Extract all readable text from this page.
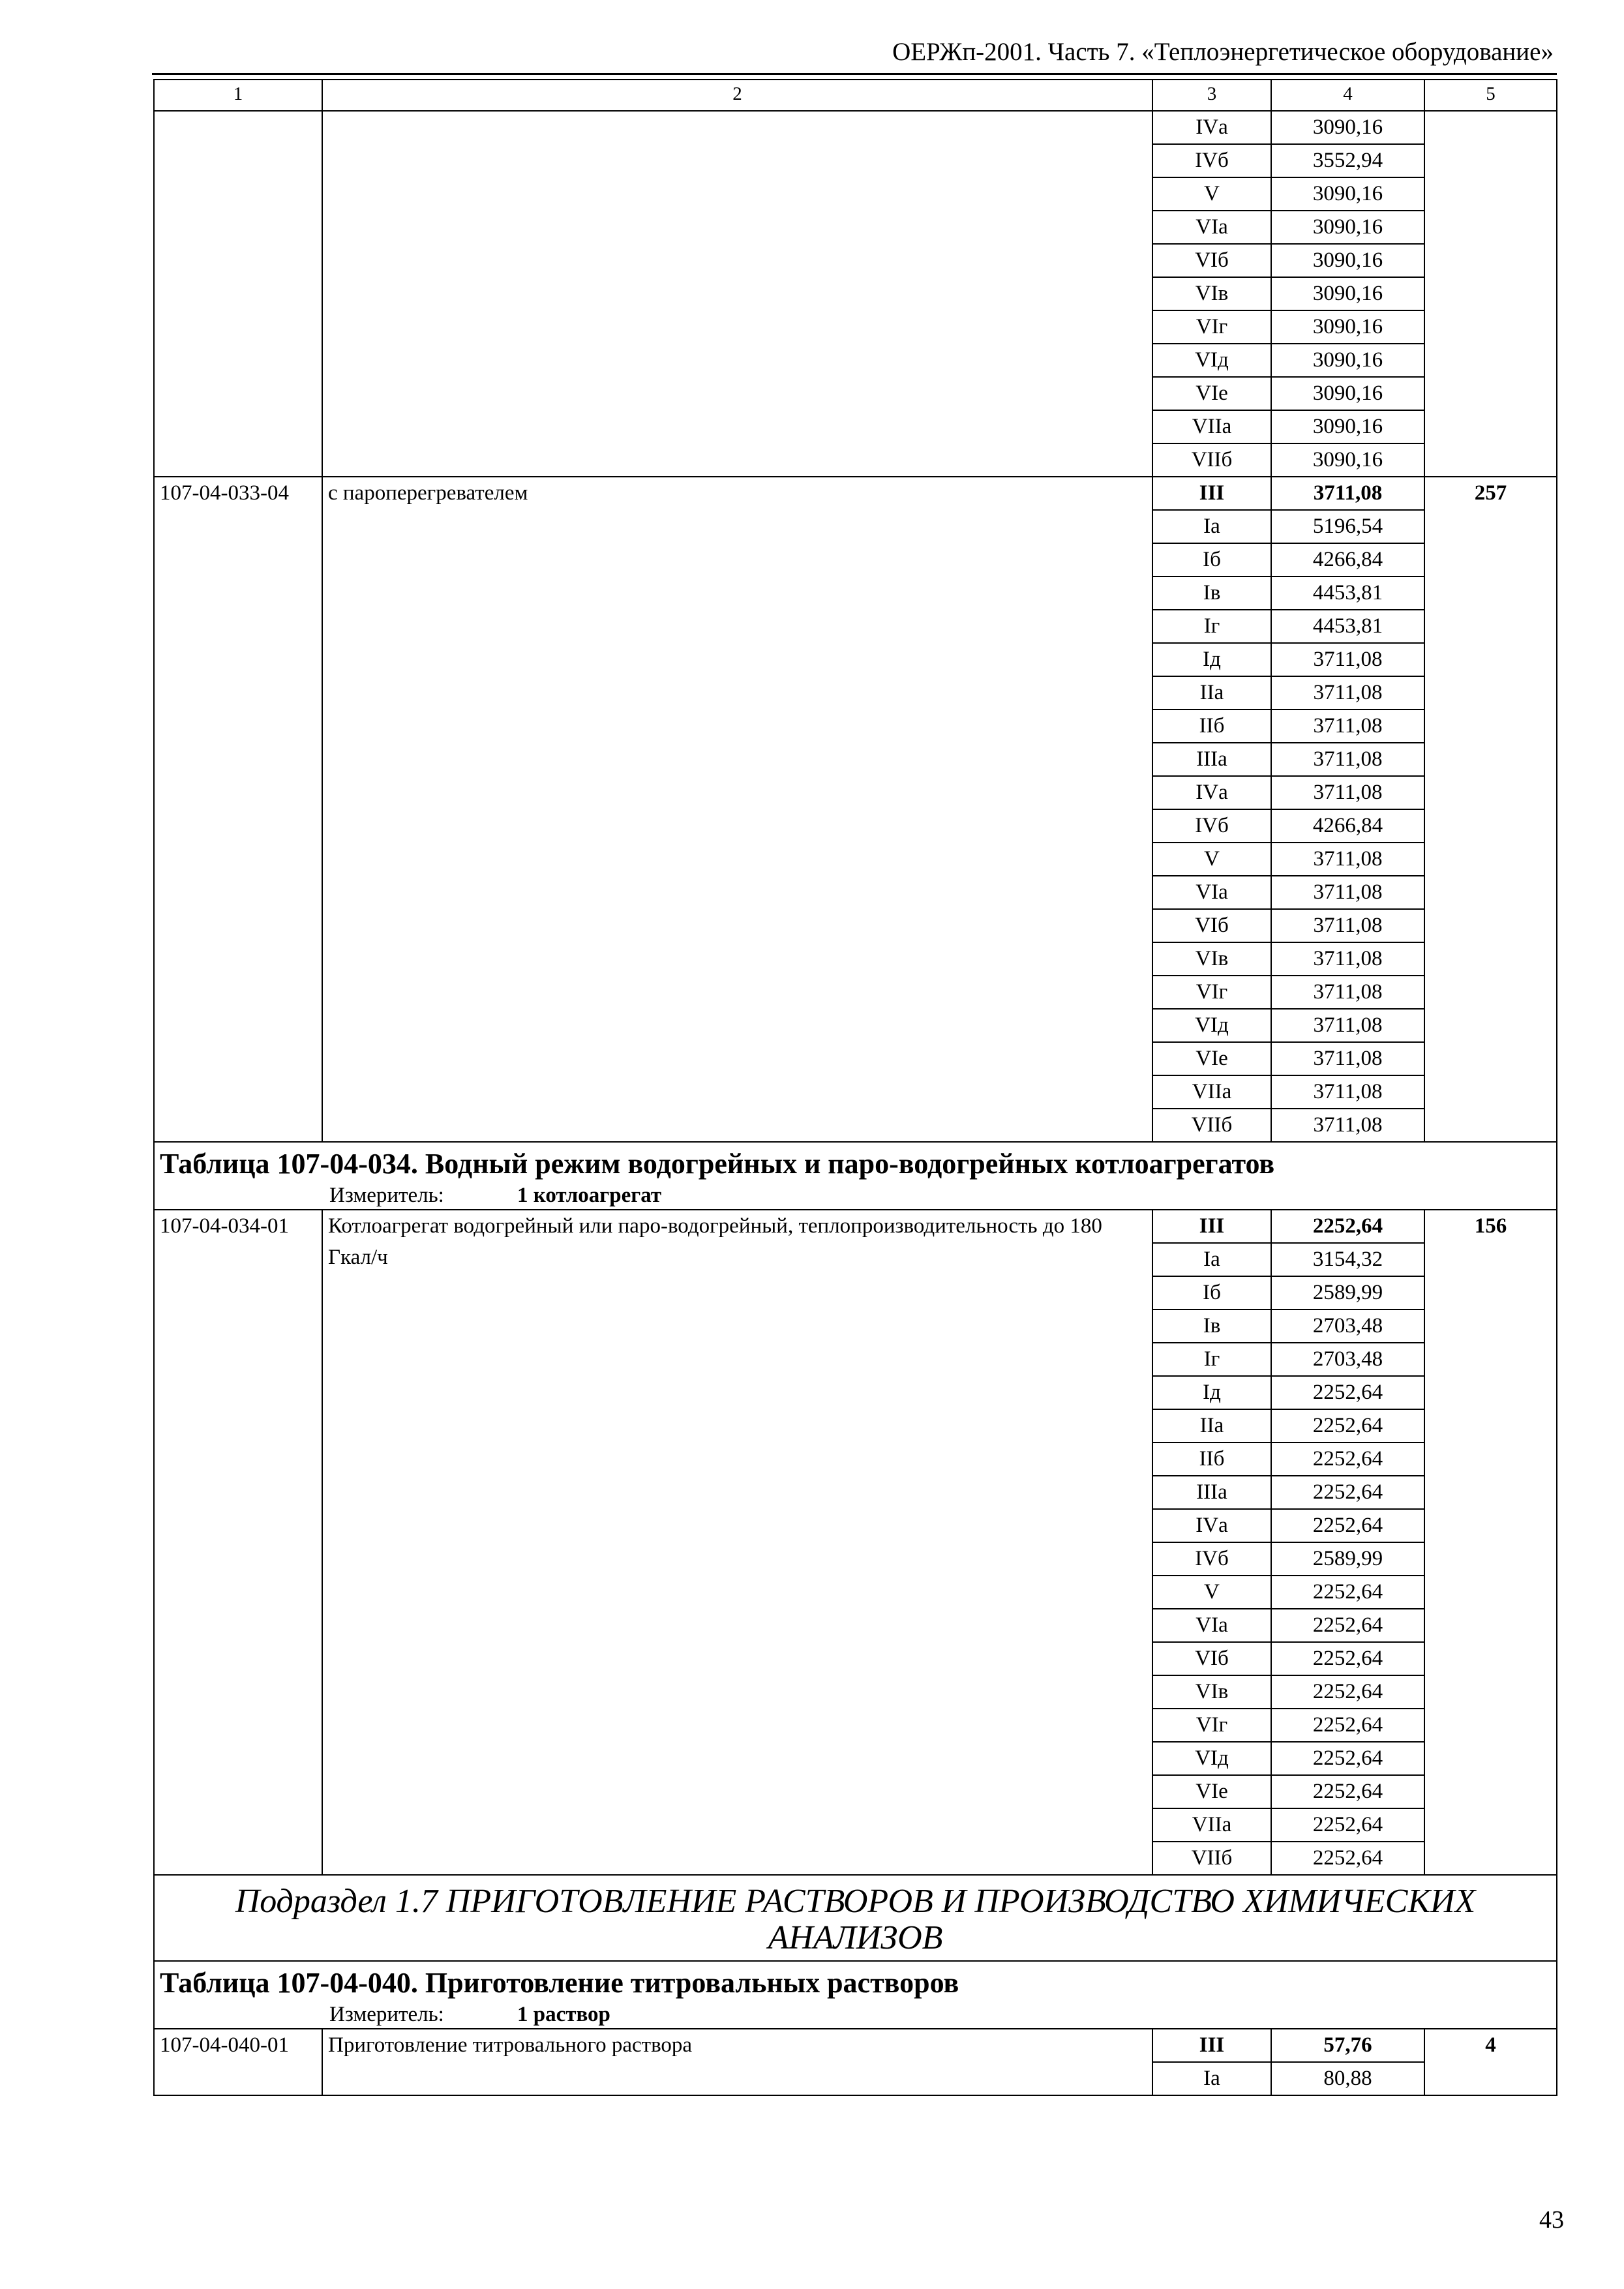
ОЕРЖп-2001. Часть 7. «Теплоэнергетическое оборудование»
1	2	3	4	5
		IVа	3090,16	
		IVб	3552,94	
		V	3090,16	
		VIа	3090,16	
		VIб	3090,16	
		VIв	3090,16	
		VIг	3090,16	
		VIд	3090,16	
		VIе	3090,16	
		VIIа	3090,16	
		VIIб	3090,16	
107-04-033-04	с пароперегревателем	III	3711,08	257
		Iа	5196,54	
		Iб	4266,84	
		Iв	4453,81	
		Iг	4453,81	
		Iд	3711,08	
		IIа	3711,08	
		IIб	3711,08	
		IIIа	3711,08	
		IVа	3711,08	
		IVб	4266,84	
		V	3711,08	
		VIа	3711,08	
		VIб	3711,08	
		VIв	3711,08	
		VIг	3711,08	
		VIд	3711,08	
		VIе	3711,08	
		VIIа	3711,08	
		VIIб	3711,08	

Таблица 107-04-034. Водный режим водогрейных и паро-водогрейных котлоагрегатов
Измеритель: 1 котлоагрегат				

107-04-034-01	Котлоагрегат водогрейный или паро-водогрейный, теплопроизводительность до 180 Гкал/ч	III	2252,64	156
		Iа	3154,32	
		Iб	2589,99	
		Iв	2703,48	
		Iг	2703,48	
		Iд	2252,64	
		IIа	2252,64	
		IIб	2252,64	
		IIIа	2252,64	
		IVа	2252,64	
		IVб	2589,99	
		V	2252,64	
		VIа	2252,64	
		VIб	2252,64	
		VIв	2252,64	
		VIг	2252,64	
		VIд	2252,64	
		VIе	2252,64	
		VIIа	2252,64	
		VIIб	2252,64	
Подраздел 1.7 ПРИГОТОВЛЕНИЕ РАСТВОРОВ И ПРОИЗВОДСТВО ХИМИЧЕСКИХ АНАЛИЗОВ				

Таблица 107-04-040. Приготовление титровальных растворов
Измеритель: 1 раствор				

107-04-040-01	Приготовление титровального раствора	III	57,76	4
		Iа	80,88	
43
